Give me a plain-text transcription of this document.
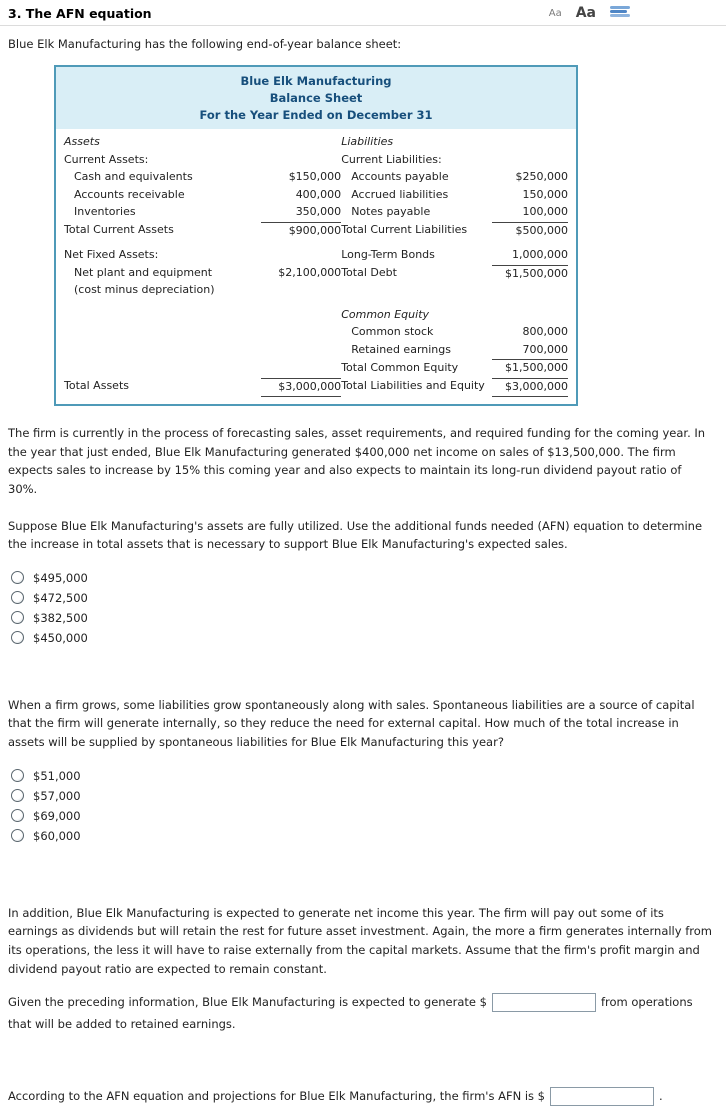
3. The AFN equation	Aa Aa
Blue Elk Manufacturing has the following end-of-year balance sheet:
Blue Elk Manufacturing
Balance Sheet
For the Year Ended on December 31
Assets		Liabilities	
Current Assets:		Current Liabilities:	
Cash and equivalents	$150,000	Accounts payable	$250,000
Accounts receivable	400,000	Accrued liabilities	150,000
Inventories	350,000	Notes payable	100,000
Total Current Assets	$900,000	Total Current Liabilities	$500,000

Net Fixed Assets:		Long-Term Bonds	1,000,000
Net plant and equipment	$2,100,000	Total Debt	$1,500,000
(cost minus depreciation)			

		Common Equity	
		Common stock	800,000
		Retained earnings	700,000
		Total Common Equity	$1,500,000
Total Assets	$3,000,000	Total Liabilities and Equity	$3,000,000
The firm is currently in the process of forecasting sales, asset requirements, and required funding for the coming year. In the year that just ended, Blue Elk Manufacturing generated $400,000 net income on sales of $13,500,000. The firm expects sales to increase by 15% this coming year and also expects to maintain its long-run dividend payout ratio of 30%.
Suppose Blue Elk Manufacturing's assets are fully utilized. Use the additional funds needed (AFN) equation to determine the increase in total assets that is necessary to support Blue Elk Manufacturing's expected sales.
$495,000
$472,500
$382,500
$450,000
When a firm grows, some liabilities grow spontaneously along with sales. Spontaneous liabilities are a source of capital that the firm will generate internally, so they reduce the need for external capital. How much of the total increase in assets will be supplied by spontaneous liabilities for Blue Elk Manufacturing this year?
$51,000
$57,000
$69,000
$60,000
In addition, Blue Elk Manufacturing is expected to generate net income this year. The firm will pay out some of its earnings as dividends but will retain the rest for future asset investment. Again, the more a firm generates internally from its operations, the less it will have to raise externally from the capital markets. Assume that the firm's profit margin and dividend payout ratio are expected to remain constant.
Given the preceding information, Blue Elk Manufacturing is expected to generate $	from operations that will be added to retained earnings.
According to the AFN equation and projections for Blue Elk Manufacturing, the firm's AFN is $	.
